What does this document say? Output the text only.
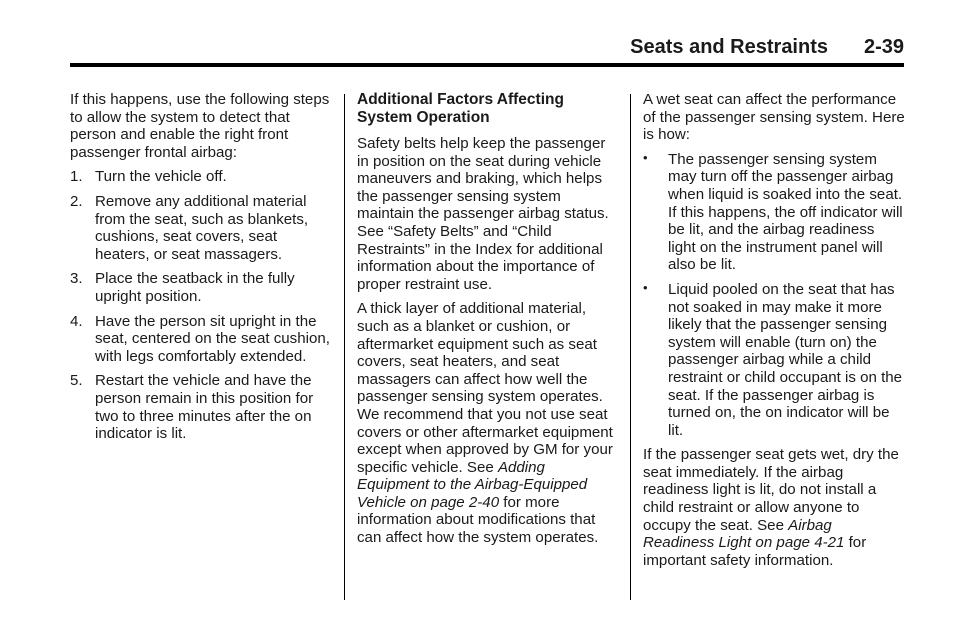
Seats and Restraints 2-39

If this happens, use the following steps to allow the system to detect that person and enable the right front passenger frontal airbag:

1. Turn the vehicle off.
2. Remove any additional material from the seat, such as blankets, cushions, seat covers, seat heaters, or seat massagers.
3. Place the seatback in the fully upright position.
4. Have the person sit upright in the seat, centered on the seat cushion, with legs comfortably extended.
5. Restart the vehicle and have the person remain in this position for two to three minutes after the on indicator is lit.
Additional Factors Affecting System Operation

Safety belts help keep the passenger in position on the seat during vehicle maneuvers and braking, which helps the passenger sensing system maintain the passenger airbag status.

See “Safety Belts” and “Child Restraints” in the Index for additional information about the importance of proper restraint use.

A thick layer of additional material, such as a blanket or cushion, or aftermarket equipment such as seat covers, seat heaters, and seat massagers can affect how well the passenger sensing system operates. We recommend that you not use seat covers or other aftermarket equipment except when approved by GM for your specific vehicle. See Adding Equipment to the Airbag-Equipped Vehicle on page 2-40 for more information about modifications that can affect how the system operates.

A wet seat can affect the performance of the passenger sensing system. Here is how:

• The passenger sensing system may turn off the passenger airbag when liquid is soaked into the seat. If this happens, the off indicator will be lit, and the airbag readiness light on the instrument panel will also be lit.
• Liquid pooled on the seat that has not soaked in may make it more likely that the passenger sensing system will enable (turn on) the passenger airbag while a child restraint or child occupant is on the seat. If the passenger airbag is turned on, the on indicator will be lit.

If the passenger seat gets wet, dry the seat immediately. If the airbag readiness light is lit, do not install a child restraint or allow anyone to occupy the seat. See Airbag Readiness Light on page 4-21 for important safety information.
